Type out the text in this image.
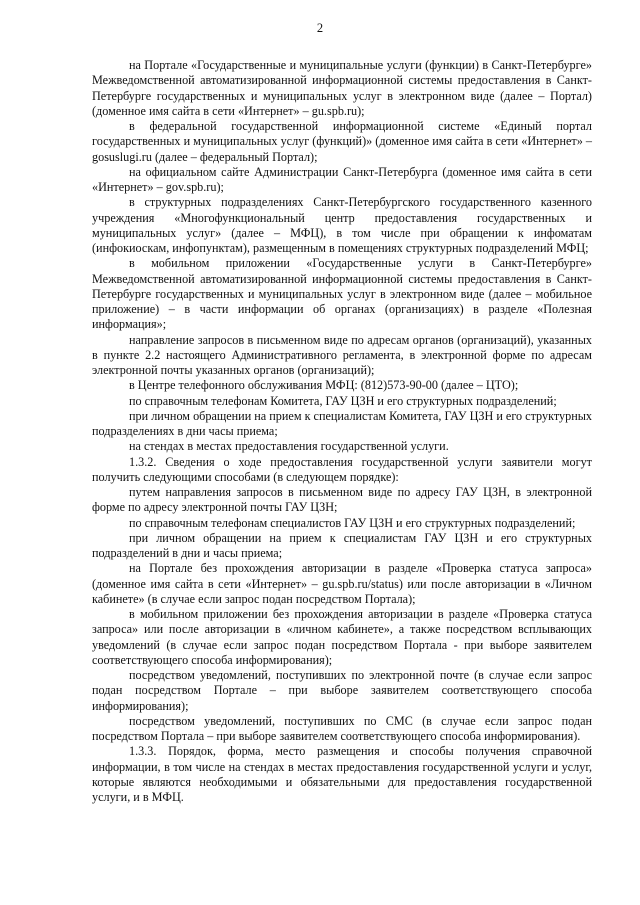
2

на Портале «Государственные и муниципальные услуги (функции) в Санкт-Петербурге» Межведомственной автоматизированной информационной системы предоставления в Санкт-Петербурге государственных и муниципальных услуг в электронном виде (далее – Портал) (доменное имя сайта в сети «Интернет» – gu.spb.ru);

в федеральной государственной информационной системе «Единый портал государственных и муниципальных услуг (функций)» (доменное имя сайта в сети «Интернет» – gosuslugi.ru (далее – федеральный Портал);

на официальном сайте Администрации Санкт-Петербурга (доменное имя сайта в сети «Интернет» – gov.spb.ru);

в структурных подразделениях Санкт-Петербургского государственного казенного учреждения «Многофункциональный центр предоставления государственных и муниципальных услуг» (далее – МФЦ), в том числе при обращении к инфоматам (инфокиоскам, инфопунктам), размещенным в помещениях структурных подразделений МФЦ;

в мобильном приложении «Государственные услуги в Санкт-Петербурге» Межведомственной автоматизированной информационной системы предоставления в Санкт-Петербурге государственных и муниципальных услуг в электронном виде (далее – мобильное приложение) – в части информации об органах (организациях) в разделе «Полезная информация»;

направление запросов в письменном виде по адресам органов (организаций), указанных в пункте 2.2 настоящего Административного регламента, в электронной форме по адресам электронной почты указанных органов (организаций);

в Центре телефонного обслуживания МФЦ: (812)573-90-00 (далее – ЦТО);

по справочным телефонам Комитета, ГАУ ЦЗН и его структурных подразделений;

при личном обращении на прием к специалистам Комитета, ГАУ ЦЗН и его структурных подразделениях в дни часы приема;

на стендах в местах предоставления государственной услуги.

1.3.2. Сведения о ходе предоставления государственной услуги заявители могут получить следующими способами (в следующем порядке):

путем направления запросов в письменном виде по адресу ГАУ ЦЗН, в электронной форме по адресу электронной почты ГАУ ЦЗН;

по справочным телефонам специалистов ГАУ ЦЗН и его структурных подразделений;

при личном обращении на прием к специалистам ГАУ ЦЗН и его структурных подразделений в дни и часы приема;

на Портале без прохождения авторизации в разделе «Проверка статуса запроса» (доменное имя сайта в сети «Интернет» – gu.spb.ru/status) или после авторизации в «Личном кабинете» (в случае если запрос подан посредством Портала);

в мобильном приложении без прохождения авторизации в разделе «Проверка статуса запроса» или после авторизации в «личном кабинете», а также посредством всплывающих уведомлений (в случае если запрос подан посредством Портала - при выборе заявителем соответствующего способа информирования);

посредством уведомлений, поступивших по электронной почте (в случае если запрос подан посредством Портале – при выборе заявителем соответствующего способа информирования);

посредством уведомлений, поступивших по СМС (в случае если запрос подан посредством Портала – при выборе заявителем соответствующего способа информирования).

1.3.3. Порядок, форма, место размещения и способы получения справочной информации, в том числе на стендах в местах предоставления государственной услуги и услуг, которые являются необходимыми и обязательными для предоставления государственной услуги, и в МФЦ.
